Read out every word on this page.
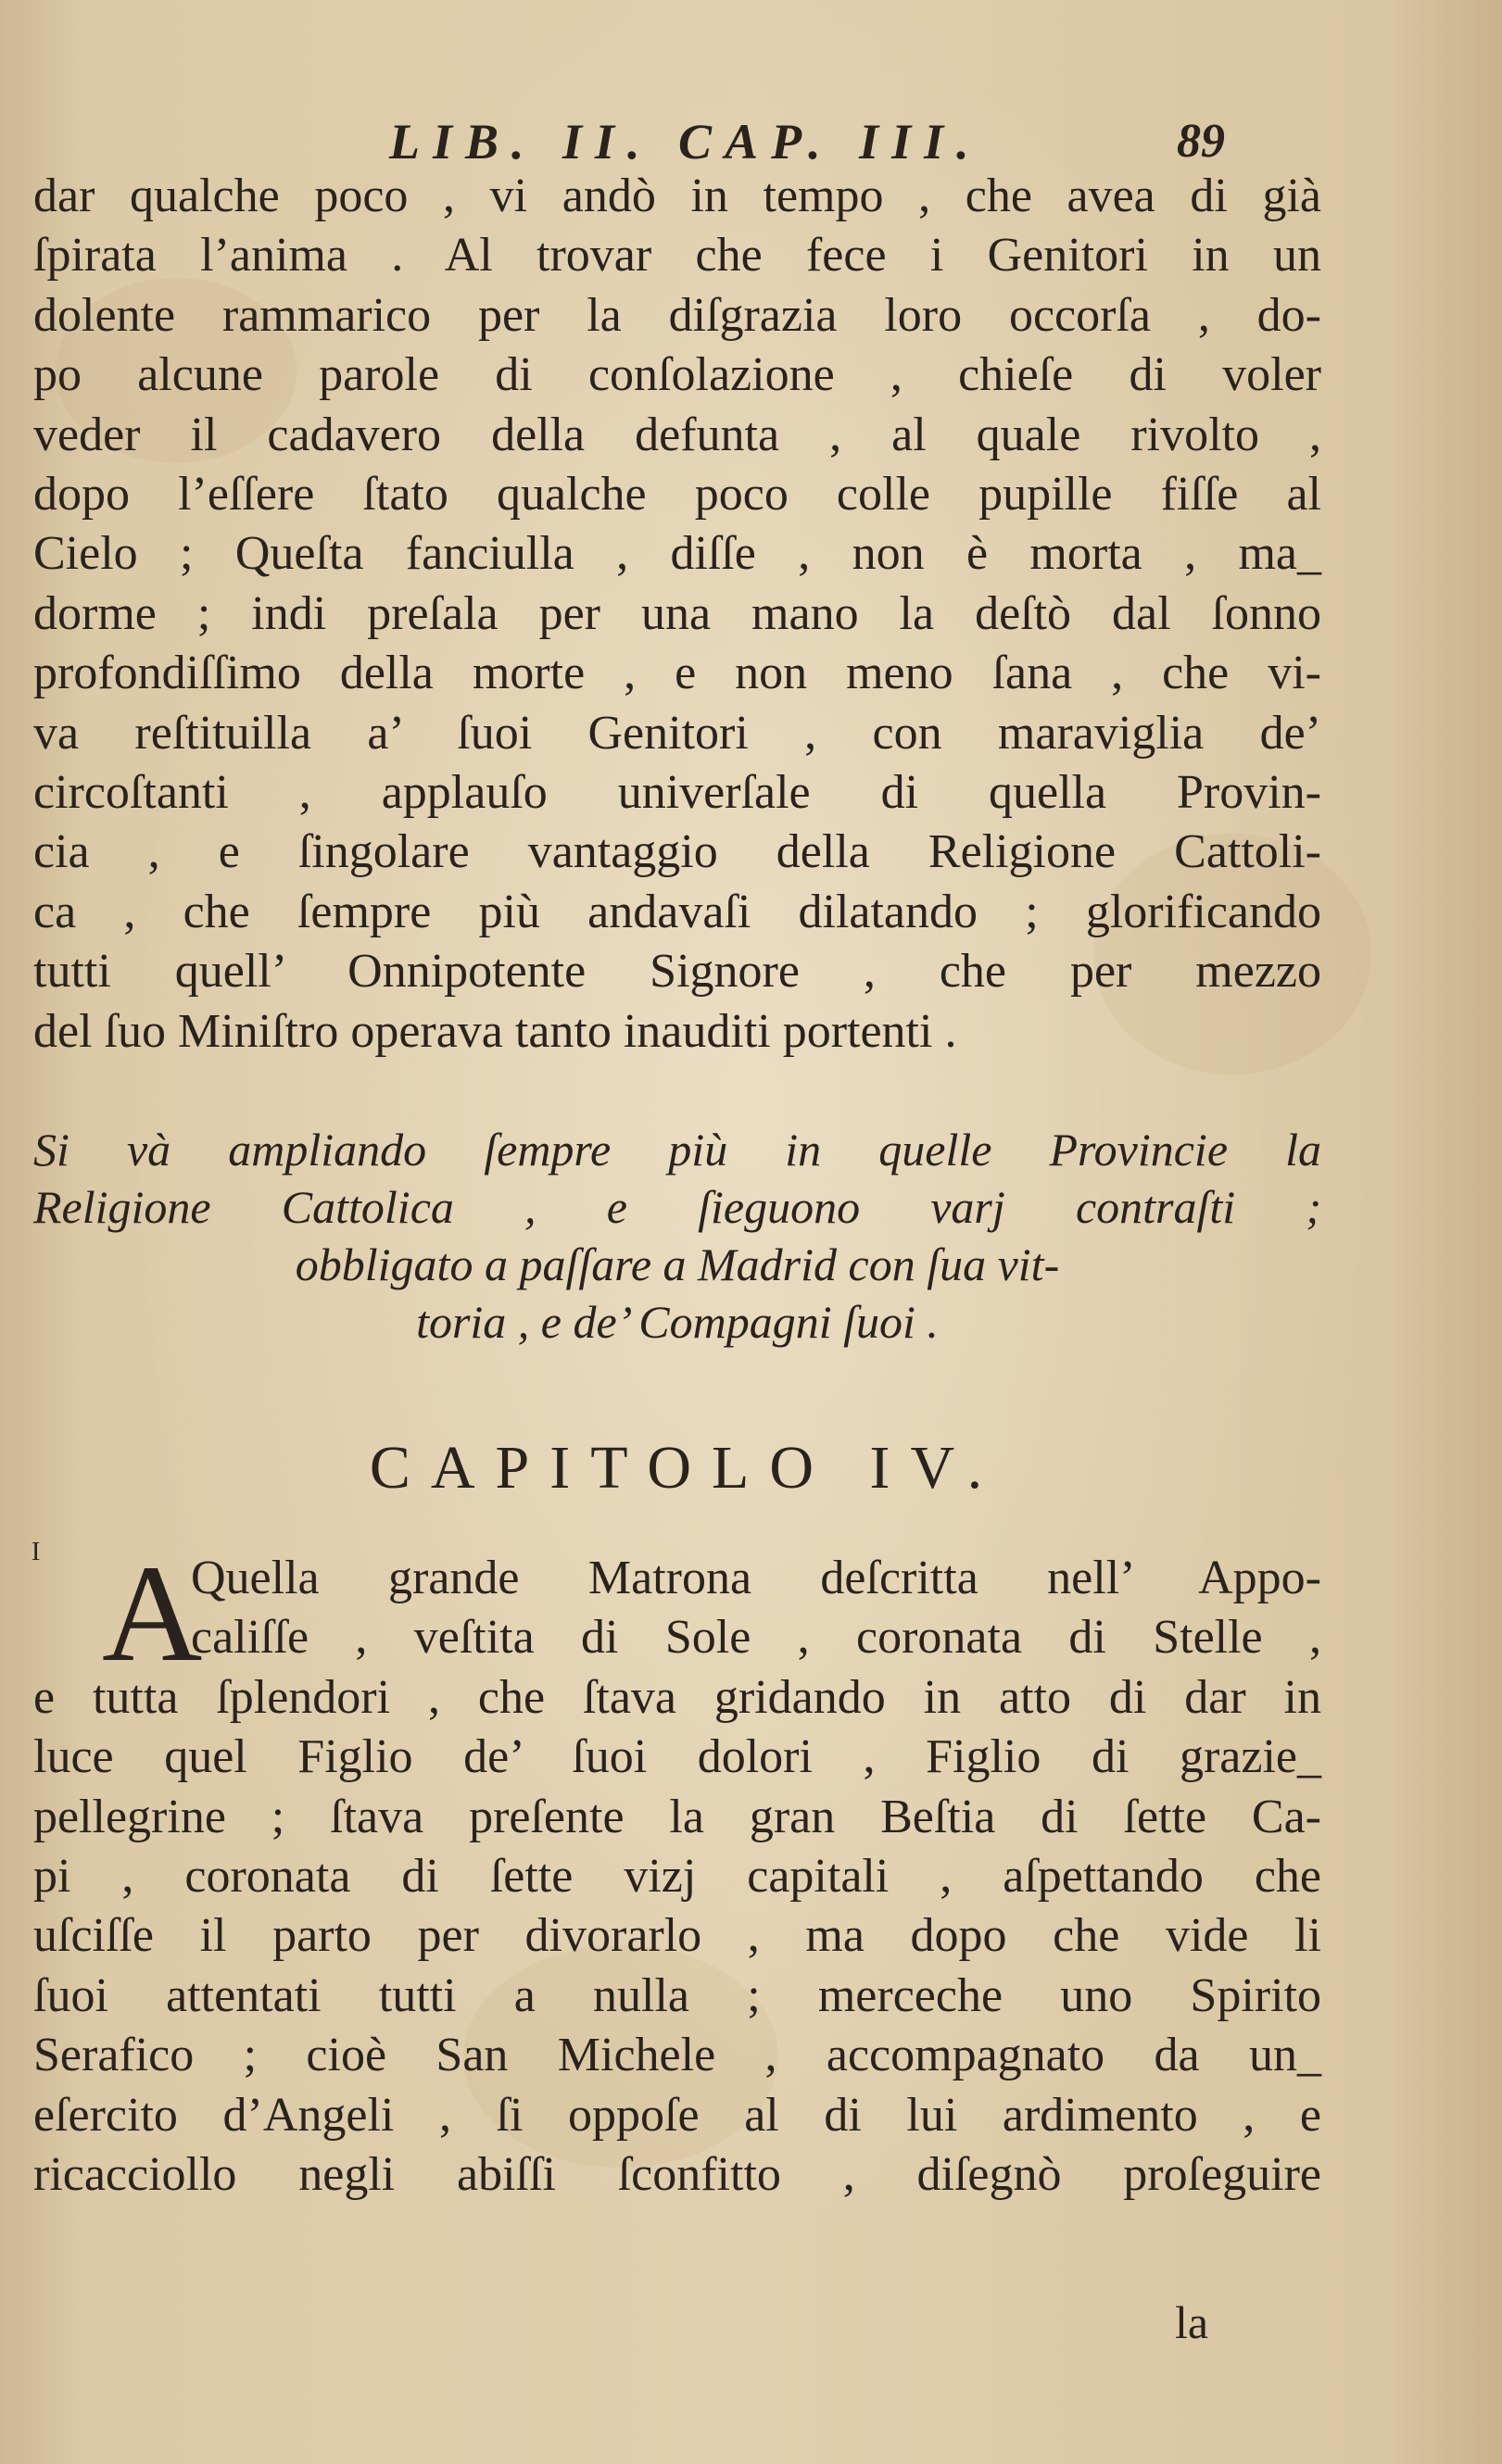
LIB. II. CAP. III.	89
dar qualche poco , vi andò in tempo , che avea di già
ſpirata l’anima . Al trovar che fece i Genitori in un
dolente rammarico per la diſgrazia loro occorſa , do-
po alcune parole di conſolazione , chieſe di voler
veder il cadavero della defunta , al quale rivolto ,
dopo l’eſſere ſtato qualche poco colle pupille fiſſe al
Cielo ; Queſta fanciulla , diſſe , non è morta , ma_
dorme ; indi preſala per una mano la deſtò dal ſonno
profondiſſimo della morte , e non meno ſana , che vi-
va reſtituilla a’ ſuoi Genitori , con maraviglia de’
circoſtanti , applauſo univerſale di quella Provin-
cia , e ſingolare vantaggio della Religione Cattoli-
ca , che ſempre più andavaſi dilatando ; glorificando
tutti quell’ Onnipotente Signore , che per mezzo
del ſuo Miniſtro operava tanto inauditi portenti .
Si và ampliando ſempre più in quelle Provincie la
Religione Cattolica , e ſieguono varj contraſti ;
obbligato a paſſare a Madrid con ſua vit-
toria , e de’ Compagni ſuoi .
CAPITOLO IV.
I A
Quella grande Matrona deſcritta nell’ Appo-
caliſſe , veſtita di Sole , coronata di Stelle ,
e tutta ſplendori , che ſtava gridando in atto di dar in
luce quel Figlio de’ ſuoi dolori , Figlio di grazie_
pellegrine ; ſtava preſente la gran Beſtia di ſette Ca-
pi , coronata di ſette vizj capitali , aſpettando che
uſciſſe il parto per divorarlo , ma dopo che vide li
ſuoi attentati tutti a nulla ; merceche uno Spirito
Serafico ; cioè San Michele , accompagnato da un_
eſercito d’Angeli , ſi oppoſe al di lui ardimento , e
ricacciollo negli abiſſi ſconfitto , diſegnò proſeguire
la
